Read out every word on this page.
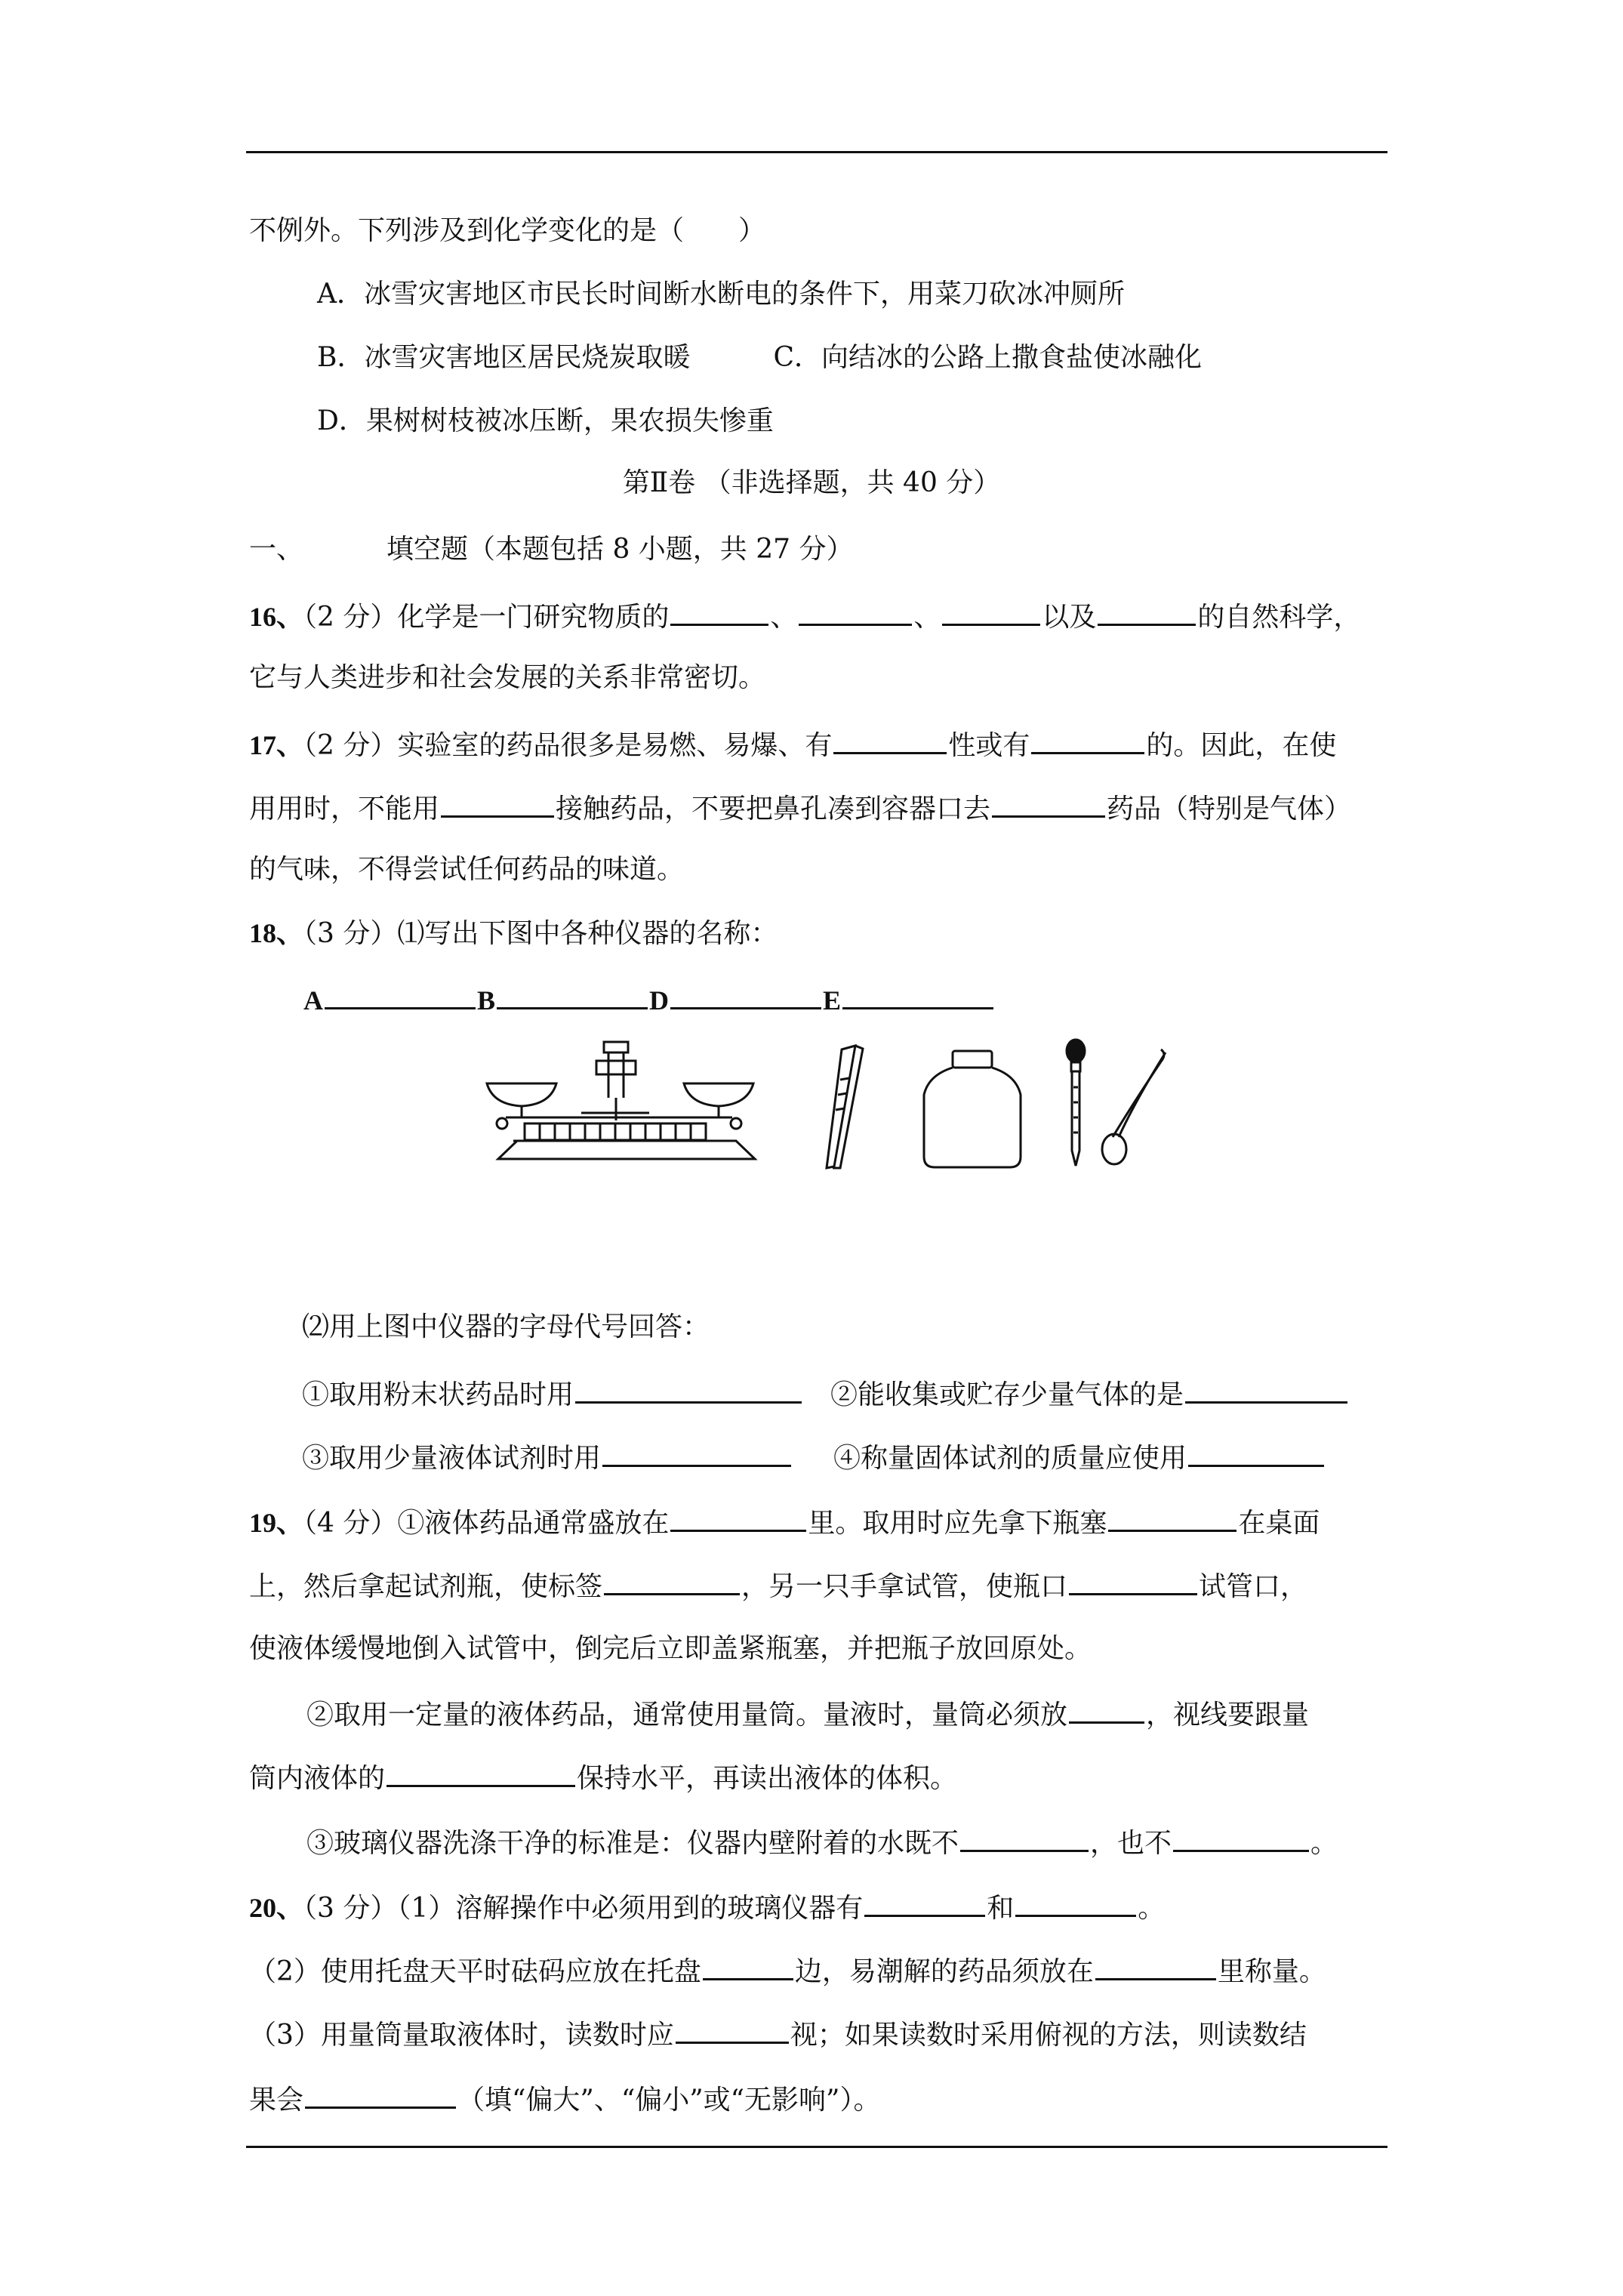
不例外。下列涉及到化学变化的是（　　）
A．冰雪灾害地区市民长时间断水断电的条件下，用菜刀砍冰冲厕所
B．冰雪灾害地区居民烧炭取暖	C．向结冰的公路上撒食盐使冰融化
D．果树树枝被冰压断，果农损失惨重
第Ⅱ卷 （非选择题，共 40 分）
一、	填空题（本题包括 8 小题，共 27 分）
16、（2 分）化学是一门研究物质的	、	、	以及	的自然科学，
它与人类进步和社会发展的关系非常密切。
17、（2 分）实验室的药品很多是易燃、易爆、有	性或有	的。因此，在使
用用时，不能用	接触药品，不要把鼻孔凑到容器口去	药品（特别是气体）
的气味，不得尝试任何药品的味道。
18、（3 分）⑴写出下图中各种仪器的名称：
A	B	D	E
⑵用上图中仪器的字母代号回答：
①取用粉末状药品时用	②能收集或贮存少量气体的是
③取用少量液体试剂时用	④称量固体试剂的质量应使用
19、（4 分）①液体药品通常盛放在	里。取用时应先拿下瓶塞	在桌面
上，然后拿起试剂瓶，使标签	，另一只手拿试管，使瓶口	试管口，
使液体缓慢地倒入试管中，倒完后立即盖紧瓶塞，并把瓶子放回原处。
②取用一定量的液体药品，通常使用量筒。量液时，量筒必须放	，视线要跟量
筒内液体的	保持水平，再读出液体的体积。
③玻璃仪器洗涤干净的标准是：仪器内壁附着的水既不	，也不	。
20、（3 分）（1）溶解操作中必须用到的玻璃仪器有	和	。
（2）使用托盘天平时砝码应放在托盘	边，易潮解的药品须放在	里称量。
（3）用量筒量取液体时，读数时应	视；如果读数时采用俯视的方法，则读数结
果会	（填“偏大”、“偏小”或“无影响”）。
